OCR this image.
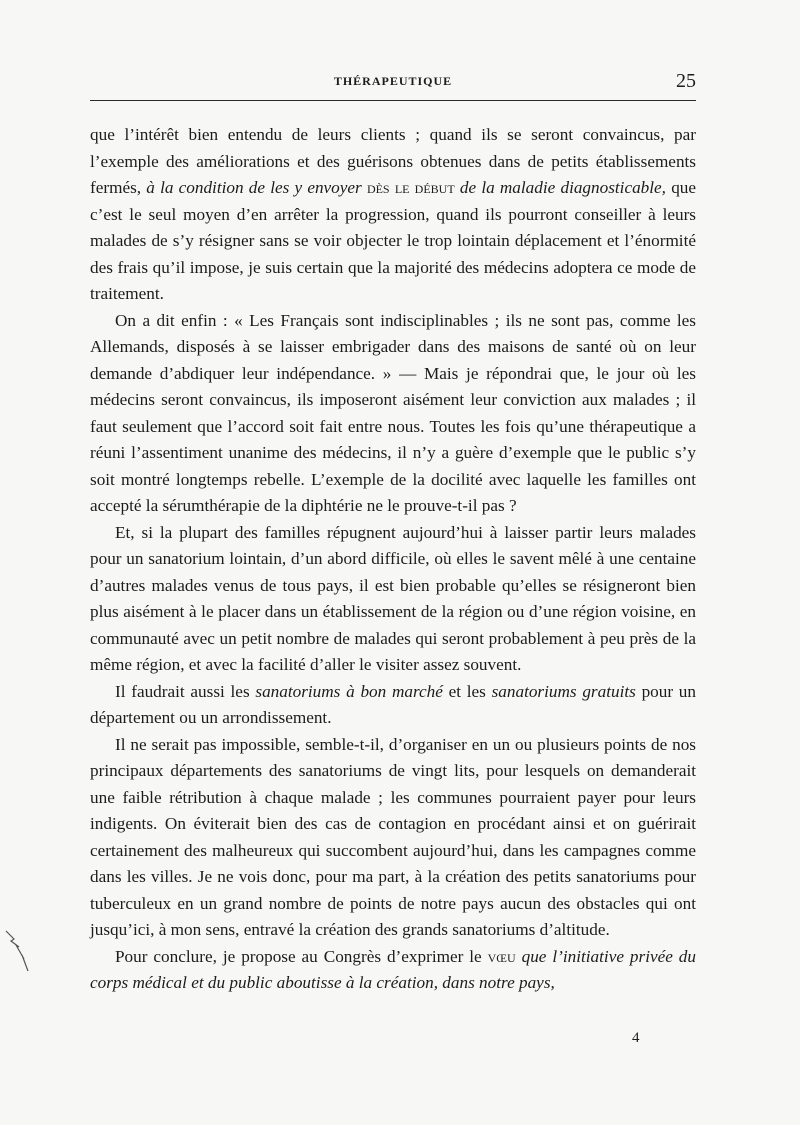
THÉRAPEUTIQUE	25

que l’intérêt bien entendu de leurs clients ; quand ils se seront convaincus, par l’exemple des améliorations et des guérisons obtenues dans de petits établissements fermés, à la condition de les y envoyer dès le début de la maladie diagnosticable, que c’est le seul moyen d’en arrêter la progression, quand ils pourront conseiller à leurs malades de s’y résigner sans se voir objecter le trop lointain déplacement et l’énormité des frais qu’il impose, je suis certain que la majorité des médecins adoptera ce mode de traitement.

On a dit enfin : « Les Français sont indisciplinables ; ils ne sont pas, comme les Allemands, disposés à se laisser embrigader dans des maisons de santé où on leur demande d’abdiquer leur indépendance. » — Mais je répondrai que, le jour où les médecins seront convaincus, ils imposeront aisément leur conviction aux malades ; il faut seulement que l’accord soit fait entre nous. Toutes les fois qu’une thérapeutique a réuni l’assentiment unanime des médecins, il n’y a guère d’exemple que le public s’y soit montré longtemps rebelle. L’exemple de la docilité avec laquelle les familles ont accepté la sérumthérapie de la diphtérie ne le prouve-t-il pas ?

Et, si la plupart des familles répugnent aujourd’hui à laisser partir leurs malades pour un sanatorium lointain, d’un abord difficile, où elles le savent mêlé à une centaine d’autres malades venus de tous pays, il est bien probable qu’elles se résigneront bien plus aisément à le placer dans un établissement de la région ou d’une région voisine, en communauté avec un petit nombre de malades qui seront probablement à peu près de la même région, et avec la facilité d’aller le visiter assez souvent.

Il faudrait aussi les sanatoriums à bon marché et les sanatoriums gratuits pour un département ou un arrondissement.

Il ne serait pas impossible, semble-t-il, d’organiser en un ou plusieurs points de nos principaux départements des sanatoriums de vingt lits, pour lesquels on demanderait une faible rétribution à chaque malade ; les communes pourraient payer pour leurs indigents. On éviterait bien des cas de contagion en procédant ainsi et on guérirait certainement des malheureux qui succombent aujourd’hui, dans les campagnes comme dans les villes. Je ne vois donc, pour ma part, à la création des petits sanatoriums pour tuberculeux en un grand nombre de points de notre pays aucun des obstacles qui ont jusqu’ici, à mon sens, entravé la création des grands sanatoriums d’altitude.

Pour conclure, je propose au Congrès d’exprimer le vœu que l’initiative privée du corps médical et du public aboutisse à la création, dans notre pays,

4
